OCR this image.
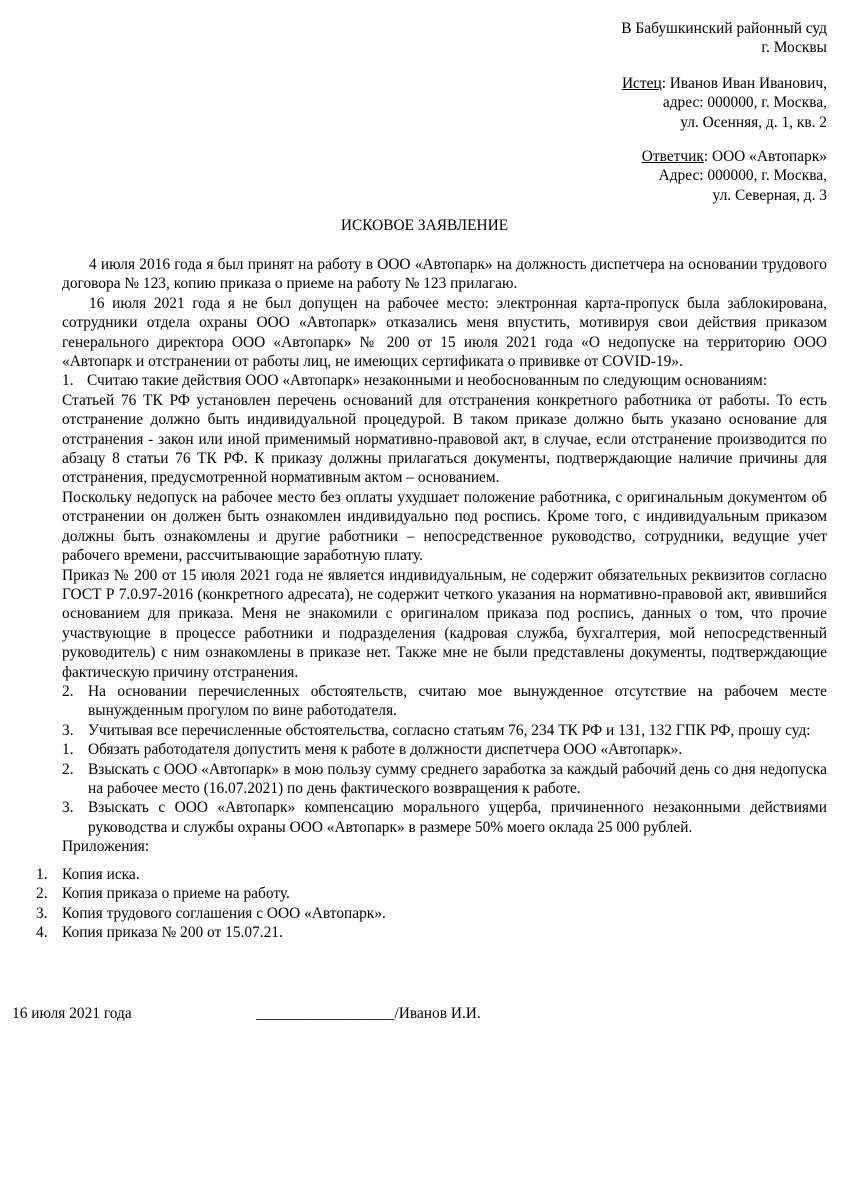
В Бабушкинский районный суд
г. Москвы
Истец: Иванов Иван Иванович,
адрес: 000000, г. Москва,
ул. Осенняя, д. 1, кв. 2
Ответчик: ООО «Автопарк»
Адрес: 000000, г. Москва,
ул. Северная, д. 3
ИСКОВОЕ ЗАЯВЛЕНИЕ

4 июля 2016 года я был принят на работу в ООО «Автопарк» на должность диспетчера на основании трудового договора № 123, копию приказа о приеме на работу № 123 прилагаю.

16 июля 2021 года я не был допущен на рабочее место: электронная карта-пропуск была заблокирована, сотрудники отдела охраны ООО «Автопарк» отказались меня впустить, мотивируя свои действия приказом генерального директора ООО «Автопарк» № 200 от 15 июля 2021 года «О недопуске на территорию ООО «Автопарк и отстранении от работы лиц, не имеющих сертификата о прививке от COVID-19».

1. Считаю такие действия ООО «Автопарк» незаконными и необоснованным по следующим основаниям:

Статьей 76 ТК РФ установлен перечень оснований для отстранения конкретного работника от работы. То есть отстранение должно быть индивидуальной процедурой. В таком приказе должно быть указано основание для отстранения - закон или иной применимый нормативно-правовой акт, в случае, если отстранение производится по абзацу 8 статьи 76 ТК РФ. К приказу должны прилагаться документы, подтверждающие наличие причины для отстранения, предусмотренной нормативным актом – основанием.

Поскольку недопуск на рабочее место без оплаты ухудшает положение работника, с оригинальным документом об отстранении он должен быть ознакомлен индивидуально под роспись. Кроме того, с индивидуальным приказом должны быть ознакомлены и другие работники – непосредственное руководство, сотрудники, ведущие учет рабочего времени, рассчитывающие заработную плату.

Приказ № 200 от 15 июля 2021 года не является индивидуальным, не содержит обязательных реквизитов согласно ГОСТ Р 7.0.97-2016 (конкретного адресата), не содержит четкого указания на нормативно-правовой акт, явившийся основанием для приказа. Меня не знакомили с оригиналом приказа под роспись, данных о том, что прочие участвующие в процессе работники и подразделения (кадровая служба, бухгалтерия, мой непосредственный руководитель) с ним ознакомлены в приказе нет. Также мне не были представлены документы, подтверждающие фактическую причину отстранения.

2. На основании перечисленных обстоятельств, считаю мое вынужденное отсутствие на рабочем месте вынужденным прогулом по вине работодателя.
3. Учитывая все перечисленные обстоятельства, согласно статьям 76, 234 ТК РФ и 131, 132 ГПК РФ, прошу суд:
1. Обязать работодателя допустить меня к работе в должности диспетчера ООО «Автопарк».
2. Взыскать с ООО «Автопарк» в мою пользу сумму среднего заработка за каждый рабочий день со дня недопуска на рабочее место (16.07.2021) по день фактического возвращения к работе.
3. Взыскать с ООО «Автопарк» компенсацию морального ущерба, причиненного незаконными действиями руководства и службы охраны ООО «Автопарк» в размере 50% моего оклада 25 000 рублей.
Приложения:
1. Копия иска.
2. Копия приказа о приеме на работу.
3. Копия трудового соглашения с ООО «Автопарк».
4. Копия приказа № 200 от 15.07.21.
16 июля 2021 года	__________________/Иванов И.И.
